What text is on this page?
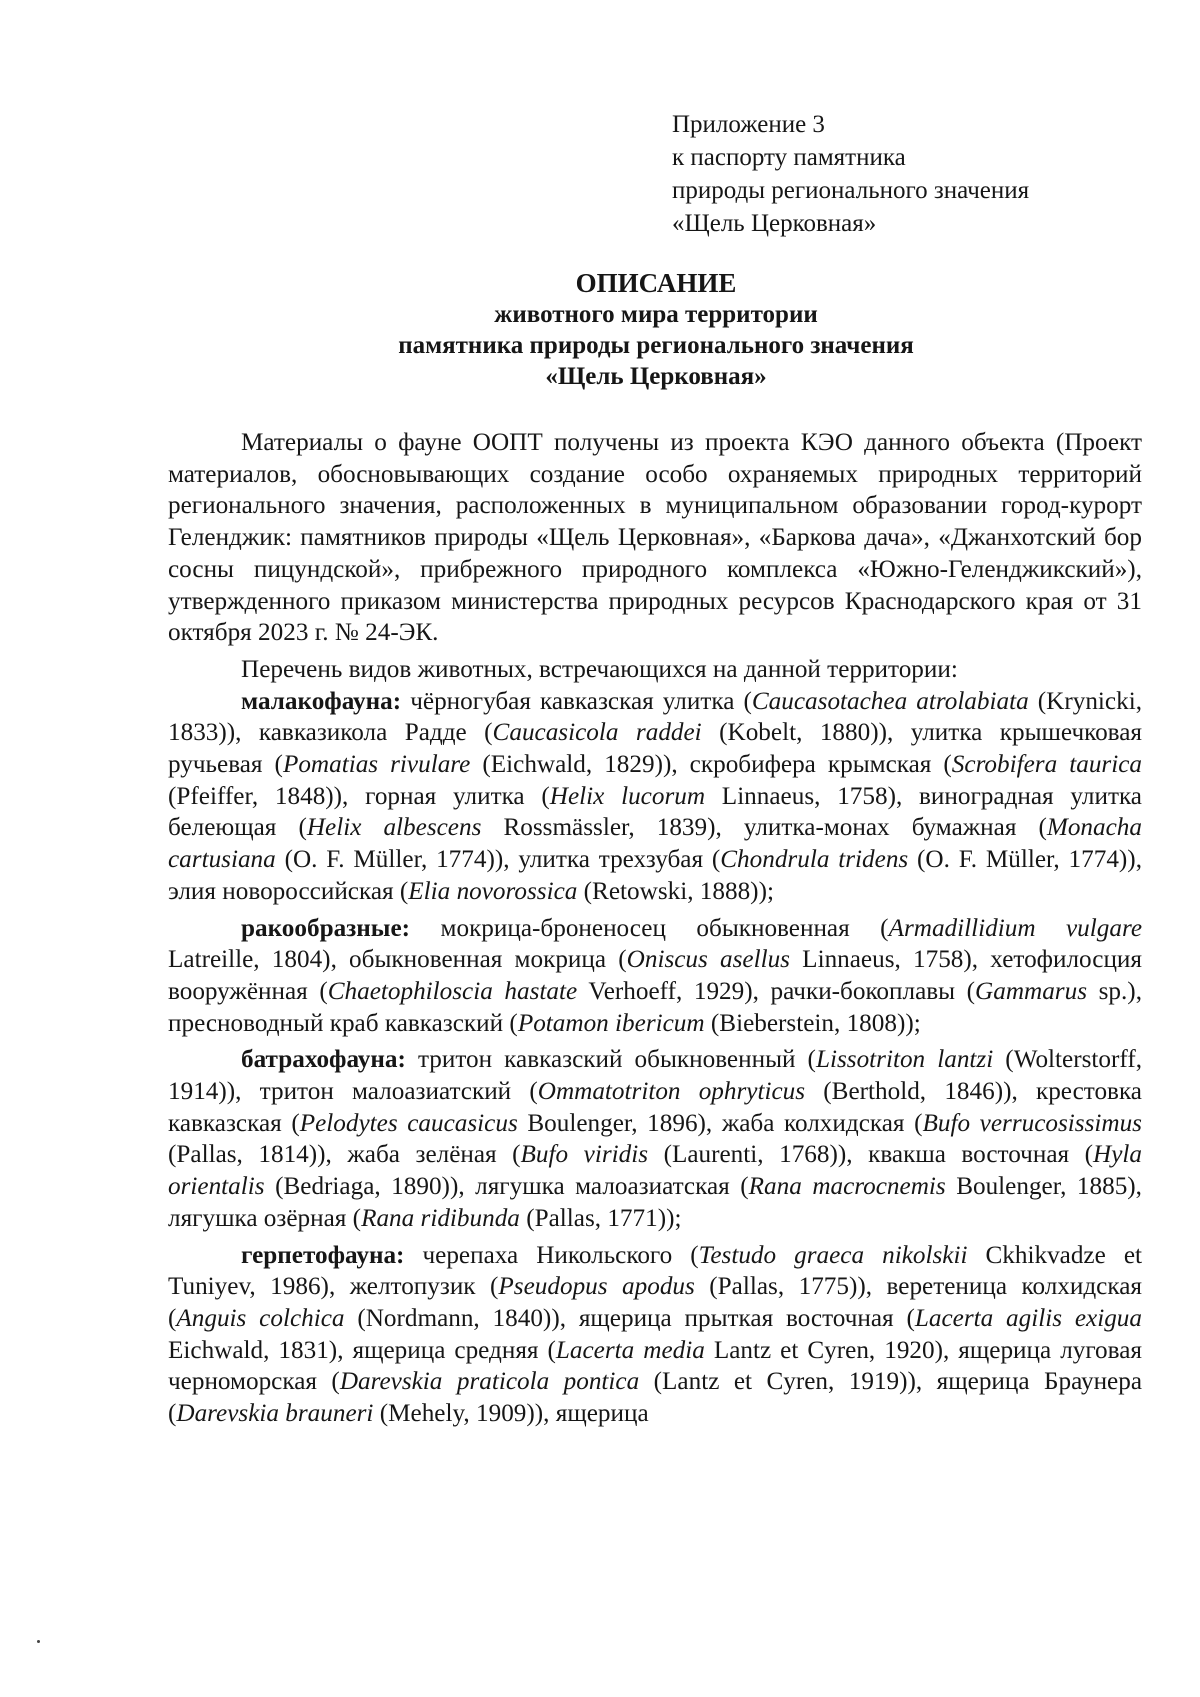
Приложение 3
к паспорту памятника
природы регионального значения
«Щель Церковная»
ОПИСАНИЕ
животного мира территории
памятника природы регионального значения
«Щель Церковная»

Материалы о фауне ООПТ получены из проекта КЭО данного объекта (Проект материалов, обосновывающих создание особо охраняемых природных территорий регионального значения, расположенных в муниципальном образовании город-курорт Геленджик: памятников природы «Щель Церковная», «Баркова дача», «Джанхотский бор сосны пицундской», прибрежного природного комплекса «Южно-Геленджикский»), утвержденного приказом министерства природных ресурсов Краснодарского края от 31 октября 2023 г. № 24-ЭК.

Перечень видов животных, встречающихся на данной территории:

малакофауна: чёрногубая кавказская улитка (Caucasotachea atrolabiata (Krynicki, 1833)), кавказикола Радде (Caucasicola raddei (Kobelt, 1880)), улитка крышечковая ручьевая (Pomatias rivulare (Eichwald, 1829)), скробифера крымская (Scrobifera taurica (Pfeiffer, 1848)), горная улитка (Helix lucorum Linnaeus, 1758), виноградная улитка белеющая (Helix albescens Rossmässler, 1839), улитка-монах бумажная (Monacha cartusiana (O. F. Müller, 1774)), улитка трехзубая (Chondrula tridens (O. F. Müller, 1774)), элия новороссийская (Elia novorossica (Retowski, 1888));

ракообразные: мокрица-броненосец обыкновенная (Armadillidium vulgare Latreille, 1804), обыкновенная мокрица (Oniscus asellus Linnaeus, 1758), хетофилосция вооружённая (Chaetophiloscia hastate Verhoeff, 1929), рачки-бокоплавы (Gammarus sp.), пресноводный краб кавказский (Potamon ibericum (Bieberstein, 1808));

батрахофауна: тритон кавказский обыкновенный (Lissotriton lantzi (Wolterstorff, 1914)), тритон малоазиатский (Ommatotriton ophryticus (Berthold, 1846)), крестовка кавказская (Pelodytes caucasicus Boulenger, 1896), жаба колхидская (Bufo verrucosissimus (Pallas, 1814)), жаба зелёная (Bufo viridis (Laurenti, 1768)), квакша восточная (Hyla orientalis (Bedriaga, 1890)), лягушка малоазиатская (Rana macrocnemis Boulenger, 1885), лягушка озёрная (Rana ridibunda (Pallas, 1771));

герпетофауна: черепаха Никольского (Testudo graeca nikolskii Ckhikvadze et Tuniyev, 1986), желтопузик (Pseudopus apodus (Pallas, 1775)), веретеница колхидская (Anguis colchica (Nordmann, 1840)), ящерица прыткая восточная (Lacerta agilis exigua Eichwald, 1831), ящерица средняя (Lacerta media Lantz et Cyren, 1920), ящерица луговая черноморская (Darevskia praticola pontica (Lantz et Cyren, 1919)), ящерица Браунера (Darevskia brauneri (Mehely, 1909)), ящерица
